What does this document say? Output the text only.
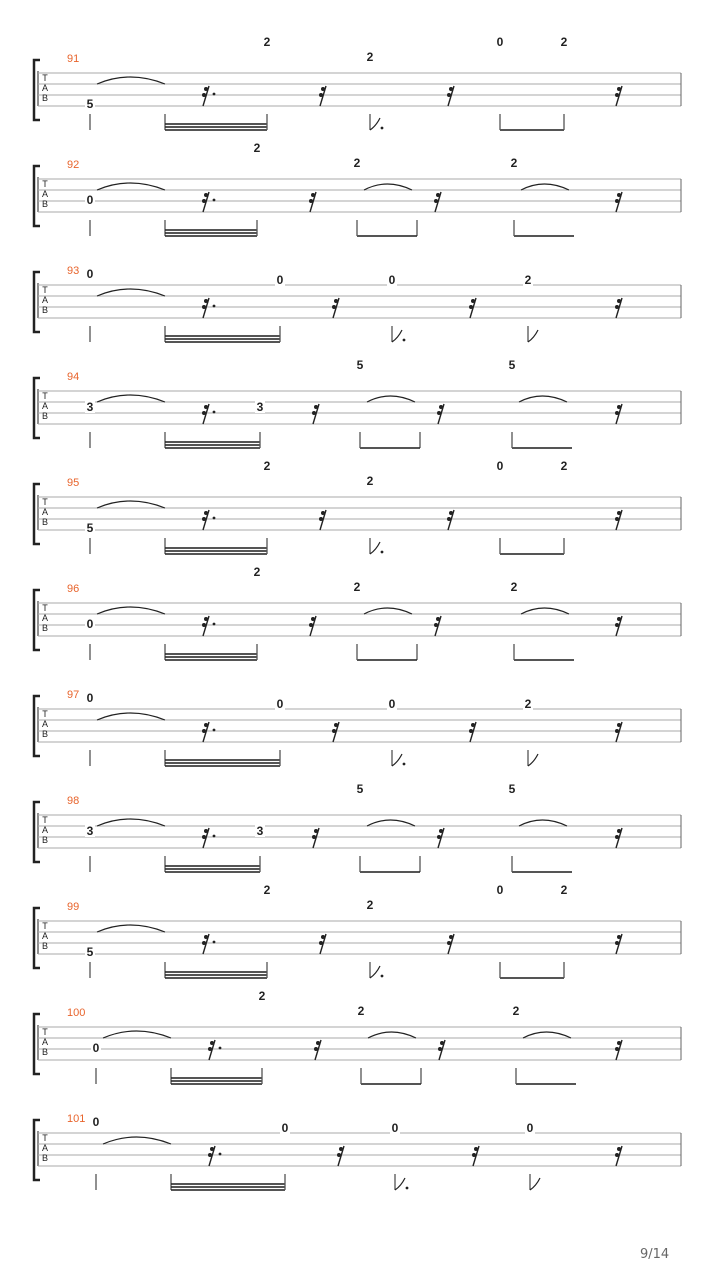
T
A
B
91
5
2
2
0	2
T
A
B
92
0
2
2	2
T
A
B
93 0	0	0	2
T
A
B
94
3	3
5	5
T
A
B
95
5
2
2
0	2
T
A
B
96
0
2
2	2
T
A
B
97 0	0	0	2
T
A
B
98
3	3
5	5
T
A
B
99
5
2
2
0	2
T
A
B
100
0
2
2	2
T
A
B
101 0	0	0	0
9/14
